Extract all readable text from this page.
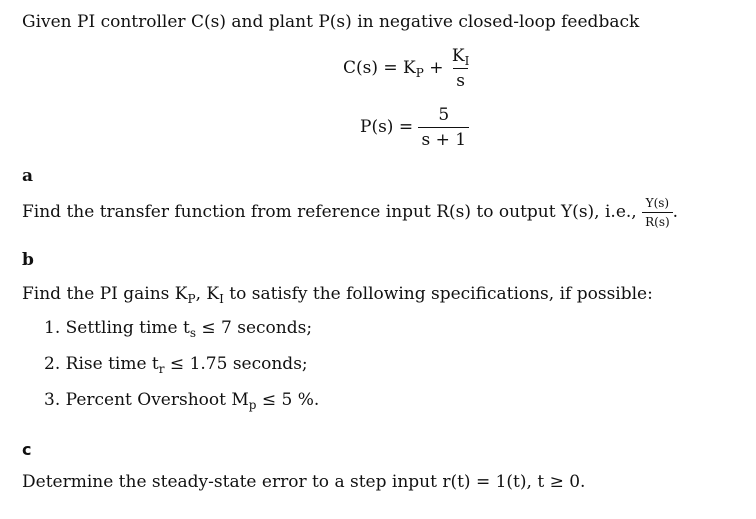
Given PI controller C(s) and plant P(s) in negative closed-loop feedback
$C(s) = K_P + \frac{K_I}{s}$
$P(s) = \frac{5}{s + 1}$
a
Find the transfer function from reference input R(s) to output Y(s), i.e., $\frac{Y(s)}{R(s)}$ .
b
Find the PI gains $K_P$, $K_I$ to satisfy the following specifications, if possible:
1. Settling time $t_s \le 7$ seconds;
2. Rise time $t_r \le 1.75$ seconds;
3. Percent Overshoot $M_p \le 5$ %.
c
Determine the steady-state error to a step input r(t) = 1(t), t ≥ 0.
